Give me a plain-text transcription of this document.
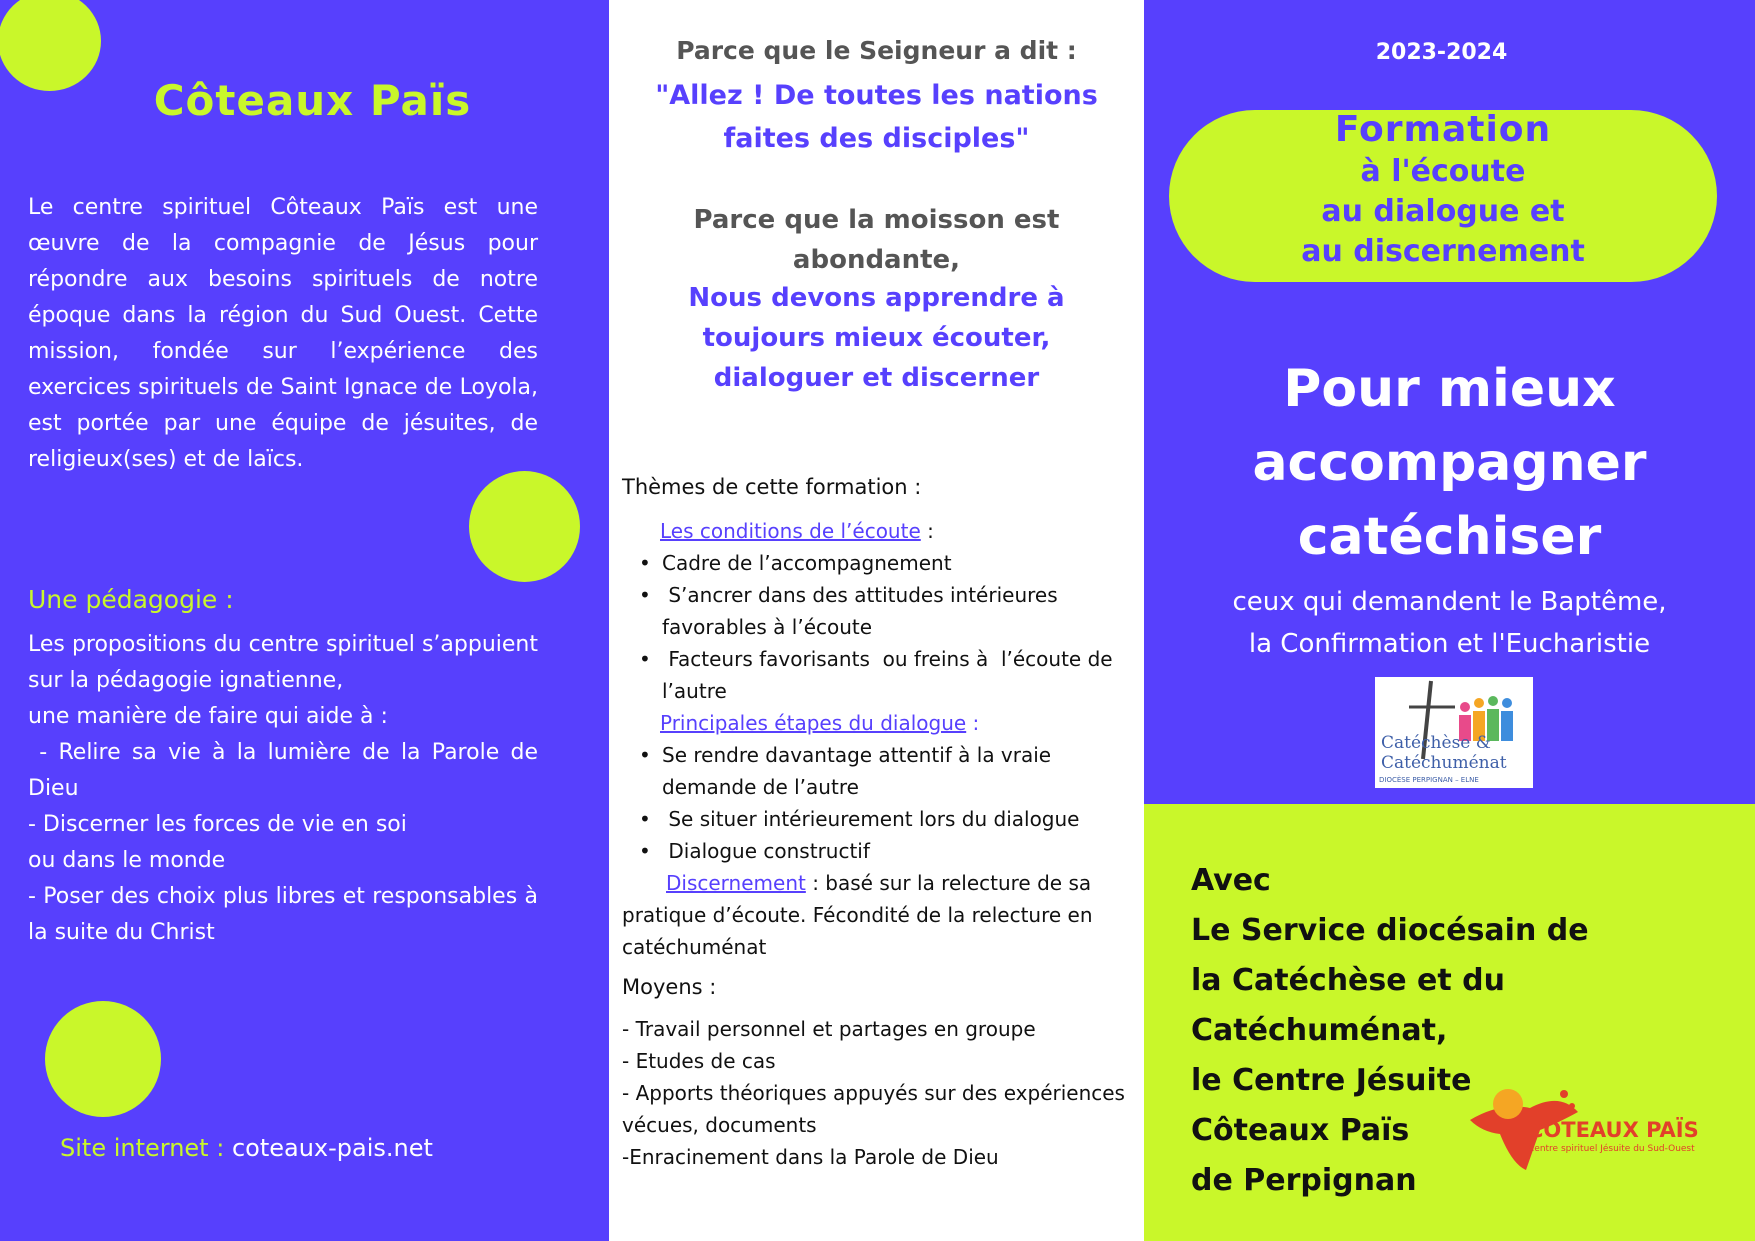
Côteaux Païs
Le centre spirituel Côteaux Païs est une œuvre de la compagnie de Jésus pour répondre aux besoins spirituels de notre époque dans la région du Sud Ouest. Cette mission, fondée sur l’expérience des exercices spirituels de Saint Ignace de Loyola, est portée par une équipe de jésuites, de religieux(ses) et de laïcs.
Une pédagogie :
Les propositions du centre spirituel s’appuient sur la pédagogie ignatienne,
une manière de faire qui aide à :
- Relire sa vie à la lumière de la Parole de Dieu
- Discerner les forces de vie en soi
ou dans le monde
- Poser des choix plus libres et responsables à la suite du Christ
Site internet : coteaux-pais.net
Parce que le Seigneur a dit :
"Allez ! De toutes les nations faites des disciples"
Parce que la moisson est abondante,
Nous devons apprendre à toujours mieux écouter, dialoguer et discerner
Thèmes de cette formation :
Les conditions de l’écoute :
• Cadre de l’accompagnement
•  S’ancrer dans des attitudes intérieures favorables à l’écoute
•  Facteurs favorisants  ou freins à  l’écoute de l’autre
Principales étapes du dialogue :
• Se rendre davantage attentif à la vraie demande de l’autre
•  Se situer intérieurement lors du dialogue
•  Dialogue constructif
Discernement : basé sur la relecture de sa pratique d’écoute. Fécondité de la relecture en catéchuménat
Moyens :
- Travail personnel et partages en groupe
- Etudes de cas
- Apports théoriques appuyés sur des expériences vécues, documents
-Enracinement dans la Parole de Dieu
2023-2024
Formation
à l'écoute
au dialogue et
au discernement
Pour mieux
accompagner
catéchiser
ceux qui demandent le Baptême,
la Confirmation et l'Eucharistie
Catéchèse &
Catéchuménat
DIOCÈSE PERPIGNAN – ELNE
Avec
Le Service diocésain de
la Catéchèse et du
Catéchuménat,
le Centre Jésuite
Côteaux Païs
de Perpignan
COTEAUX PAÏS
Centre spirituel Jésuite du Sud-Ouest
